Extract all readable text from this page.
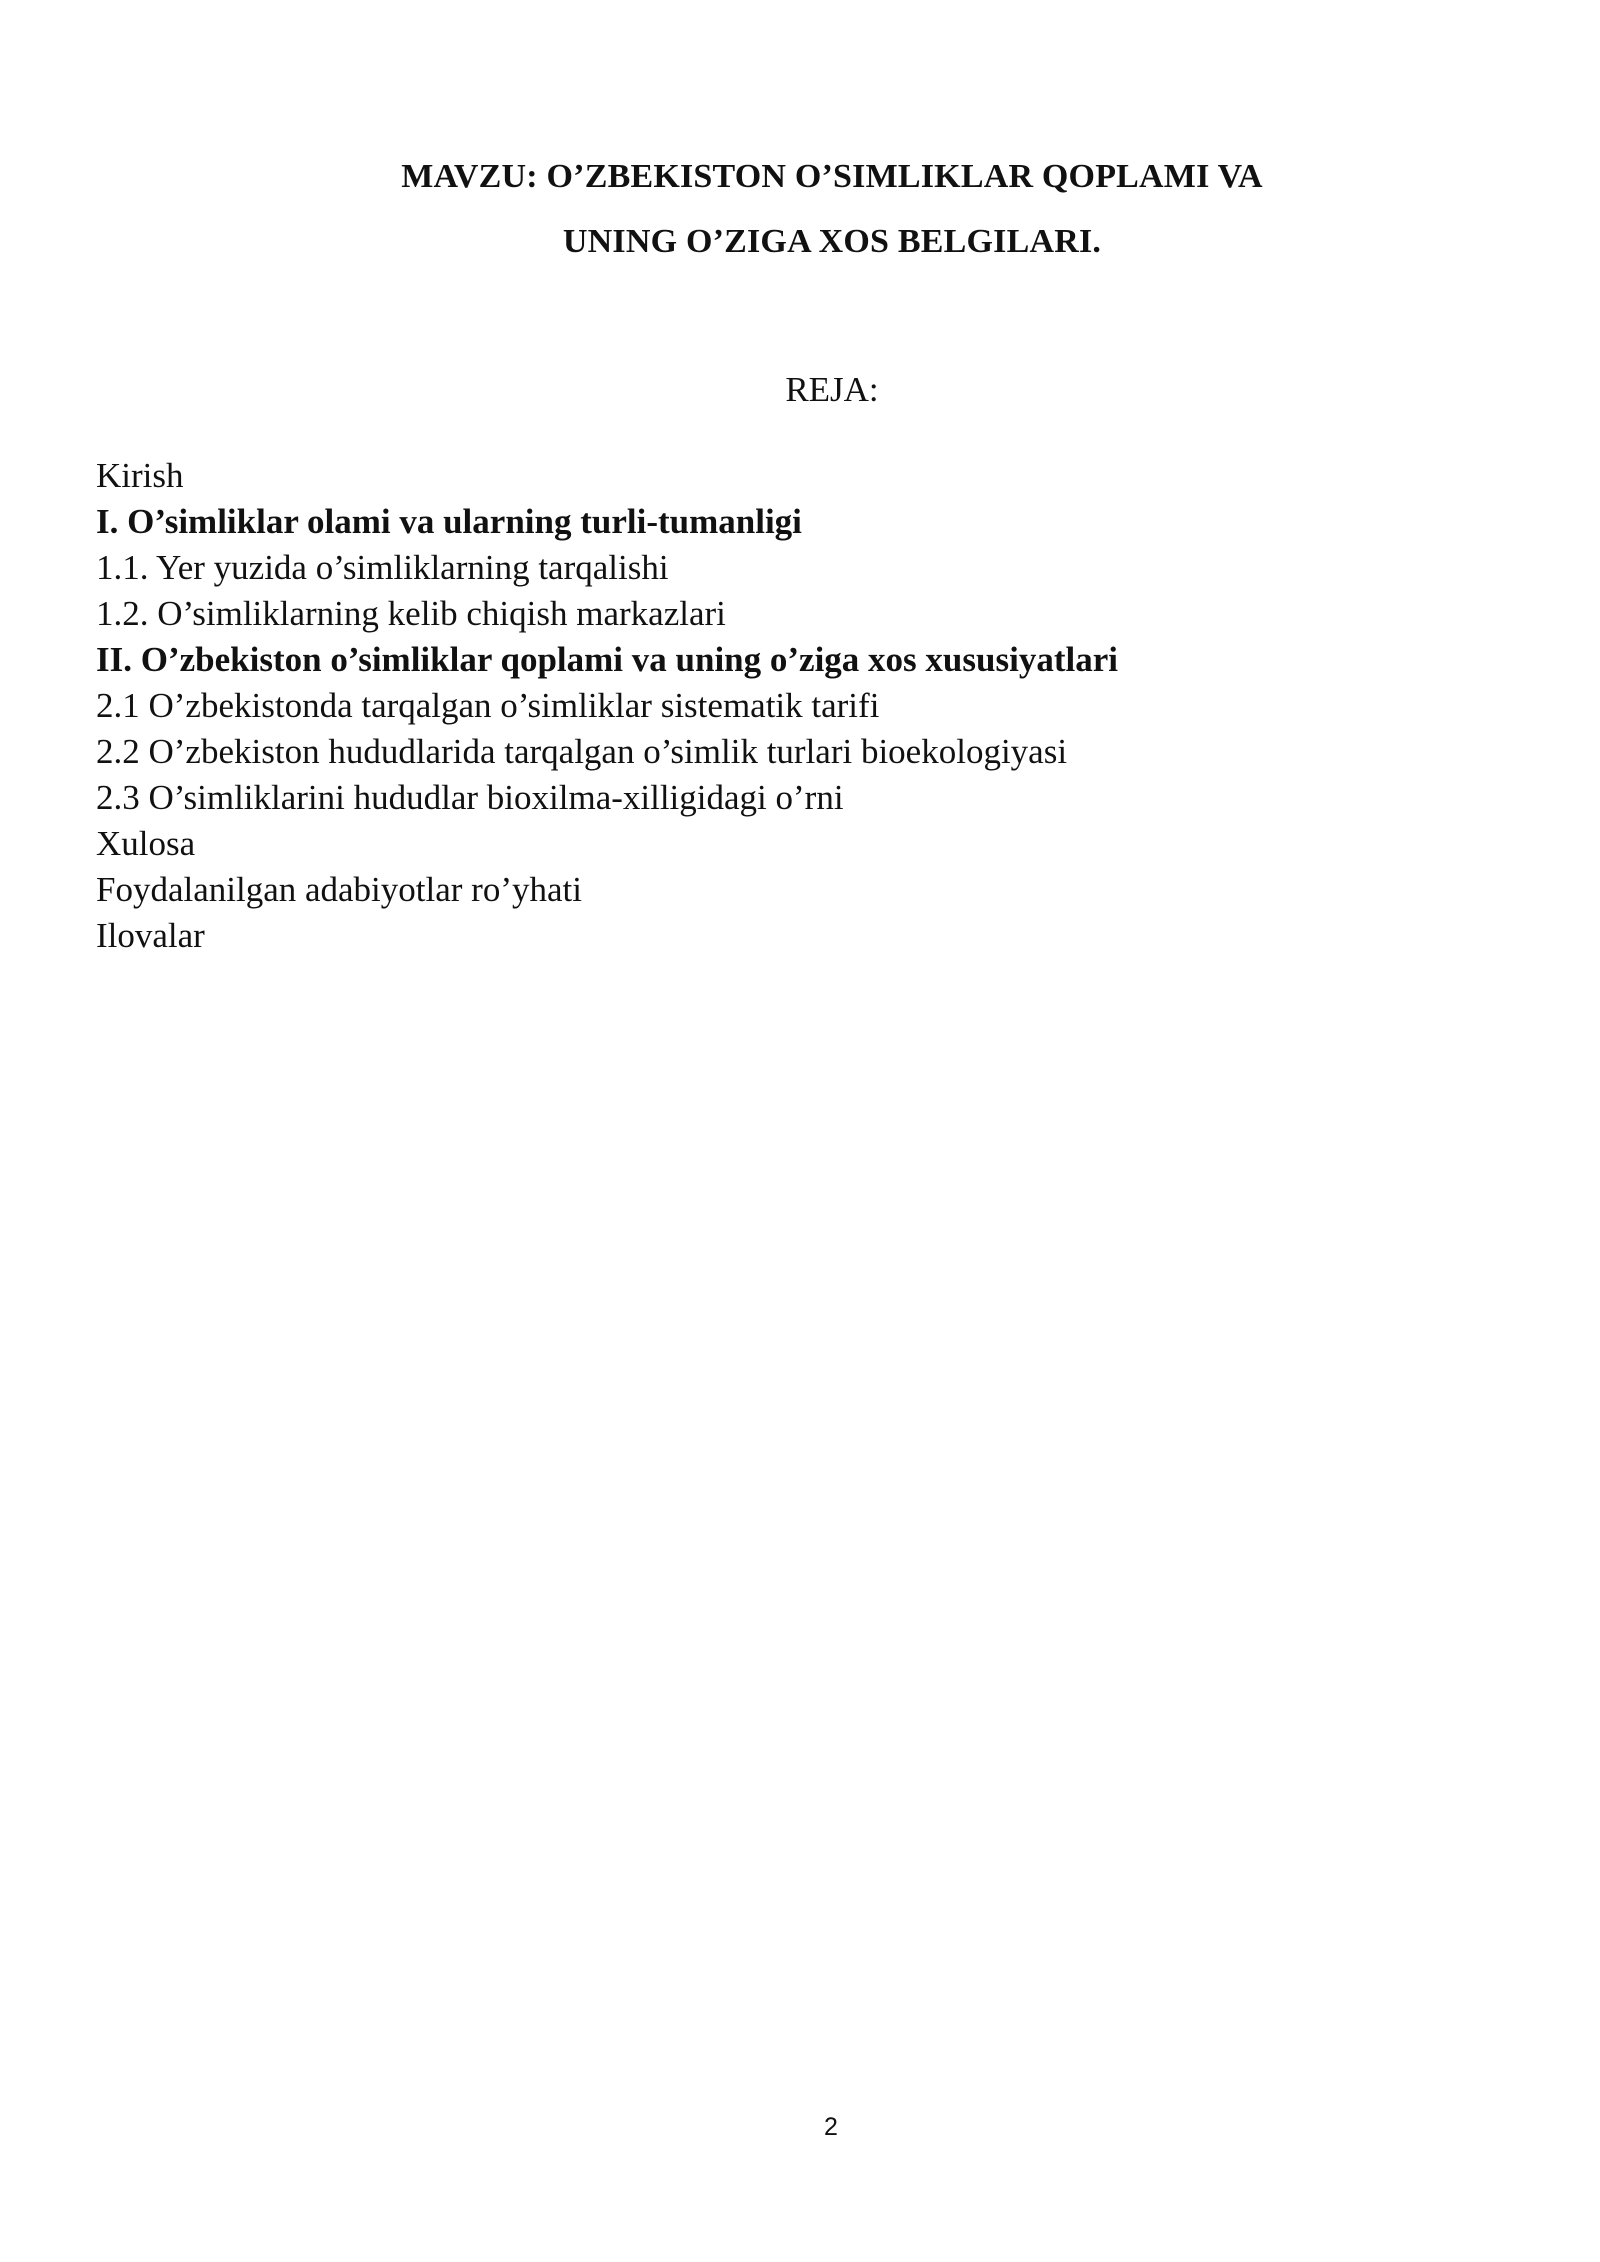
MAVZU: O’ZBEKISTON O’SIMLIKLAR QOPLAMI VA
UNING O’ZIGA XOS BELGILARI.
REJA:
Kirish
I. O’simliklar olami va ularning turli-tumanligi
1.1. Yer yuzida o’simliklarning tarqalishi
1.2. O’simliklarning kelib chiqish markazlari
II. O’zbekiston o’simliklar qoplami va uning o’ziga xos xususiyatlari
2.1 O’zbekistonda tarqalgan o’simliklar sistematik tarifi
2.2 O’zbekiston hududlarida tarqalgan o’simlik turlari bioekologiyasi
2.3 O’simliklarini hududlar bioxilma-xilligidagi o’rni
Xulosa
Foydalanilgan adabiyotlar ro’yhati
Ilovalar
2
